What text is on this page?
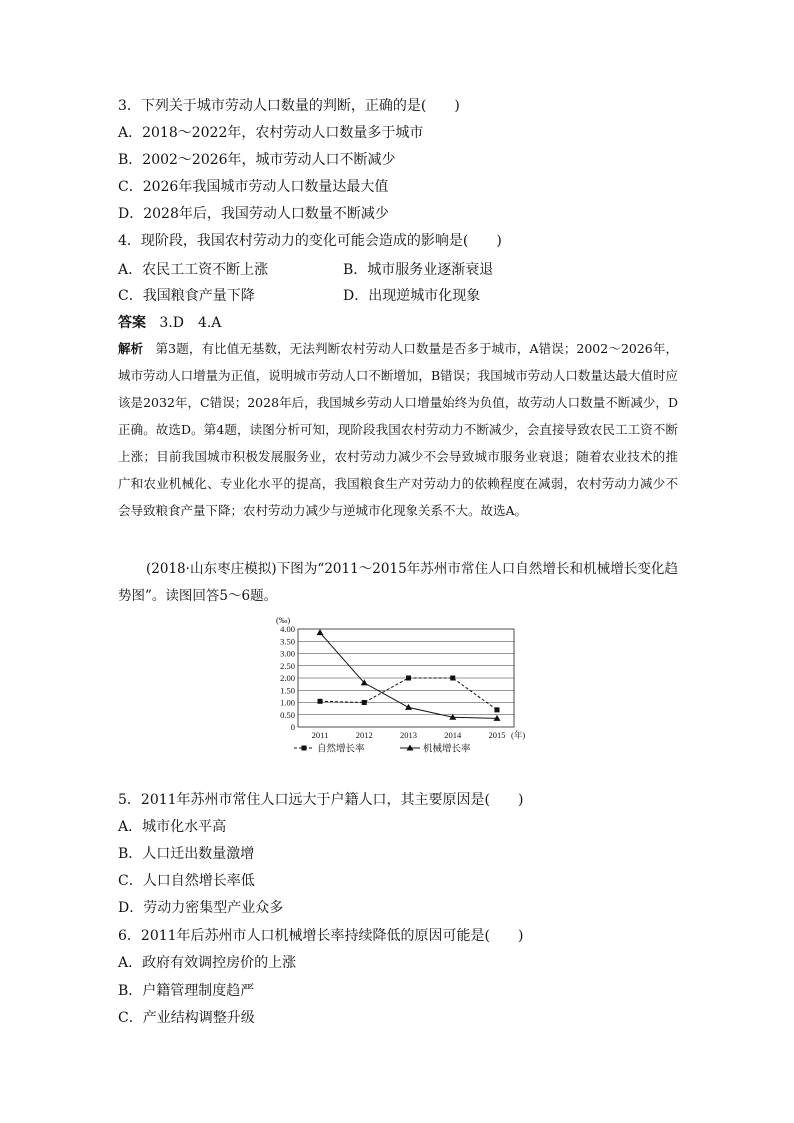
3．下列关于城市劳动人口数量的判断，正确的是(　　)
A．2018～2022年，农村劳动人口数量多于城市
B．2002～2026年，城市劳动人口不断减少
C．2026年我国城市劳动人口数量达最大值
D．2028年后，我国劳动人口数量不断减少
4．现阶段，我国农村劳动力的变化可能会造成的影响是(　　)
A．农民工工资不断上涨	B．城市服务业逐渐衰退
C．我国粮食产量下降	D．出现逆城市化现象
答案 3.D　4.A
解析 第3题，有比值无基数，无法判断农村劳动人口数量是否多于城市，A错误；2002～2026年，城市劳动人口增量为正值，说明城市劳动人口不断增加，B错误；我国城市劳动人口数量达最大值时应该是2032年，C错误；2028年后，我国城乡劳动人口增量始终为负值，故劳动人口数量不断减少，D正确。故选D。第4题，读图分析可知，现阶段我国农村劳动力不断减少，会直接导致农民工工资不断上涨；目前我国城市积极发展服务业，农村劳动力减少不会导致城市服务业衰退；随着农业技术的推广和农业机械化、专业化水平的提高，我国粮食生产对劳动力的依赖程度在减弱，农村劳动力减少不会导致粮食产量下降；农村劳动力减少与逆城市化现象关系不大。故选A。
(2018·山东枣庄模拟)下图为“2011～2015年苏州市常住人口自然增长和机械增长变化趋势图”。读图回答5～6题。
0
0.50
1.00
1.50
2.00
2.50
3.00
3.50
4.00
(‰)
2011	2012	2013	2014	2015 (年)
自然增长率	机械增长率
5．2011年苏州市常住人口远大于户籍人口，其主要原因是(　　)
A．城市化水平高
B．人口迁出数量激增
C．人口自然增长率低
D．劳动力密集型产业众多
6．2011年后苏州市人口机械增长率持续降低的原因可能是(　　)
A．政府有效调控房价的上涨
B．户籍管理制度趋严
C．产业结构调整升级
